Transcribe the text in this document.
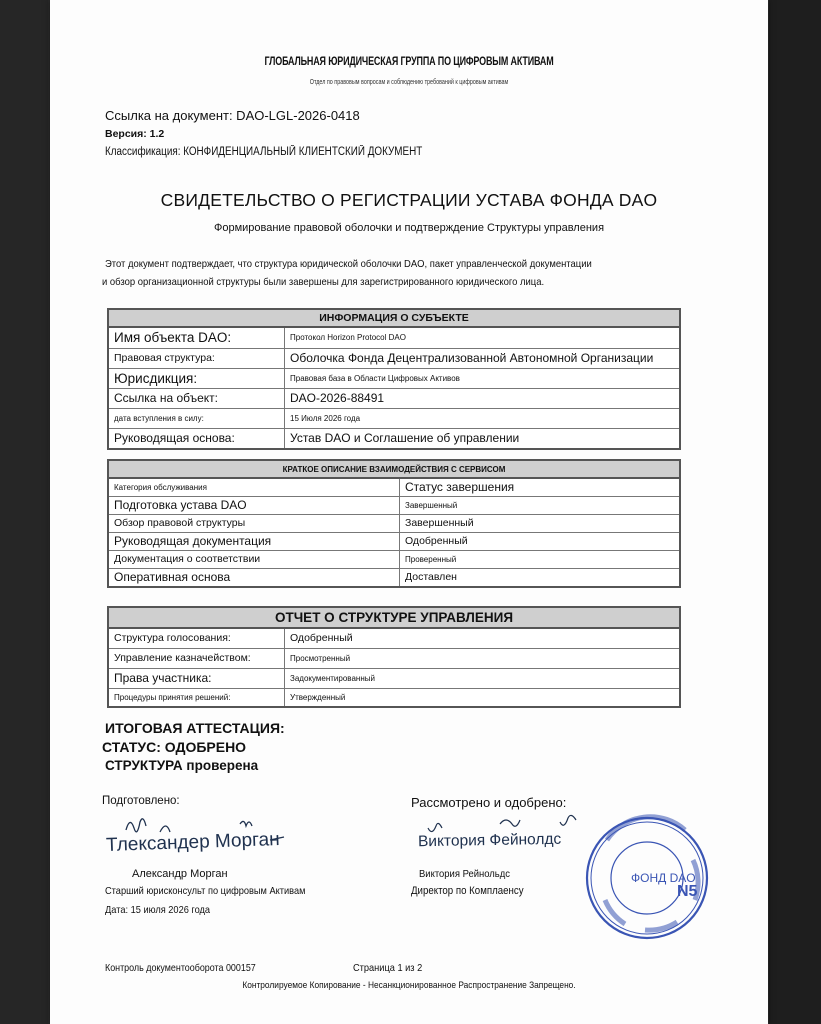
ГЛОБАЛЬНАЯ ЮРИДИЧЕСКАЯ ГРУППА ПО ЦИФРОВЫМ АКТИВАМ
Отдел по правовым вопросам и соблюдению требований к цифровым активам
Ссылка на документ: DAO-LGL-2026-0418
Версия: 1.2
Классификация: КОНФИДЕНЦИАЛЬНЫЙ КЛИЕНТСКИЙ ДОКУМЕНТ
СВИДЕТЕЛЬСТВО О РЕГИСТРАЦИИ УСТАВА ФОНДА DAO
Формирование правовой оболочки и подтверждение Структуры управления
Этот документ подтверждает, что структура юридической оболочки DAO, пакет управленческой документации
и обзор организационной структуры были завершены для зарегистрированного юридического лица.
ИНФОРМАЦИЯ О СУБЪЕКТЕ	
Имя объекта DAO:	Протокол Horizon Protocol DAO
Правовая структура:	Оболочка Фонда Децентрализованной Автономной Организации
Юрисдикция:	Правовая база в Области Цифровых Активов
Ссылка на объект:	DAO-2026-88491
дата вступления в силу:	15 Июля 2026 года
Руководящая основа:	Устав DAO и Соглашение об управлении
КРАТКОЕ ОПИСАНИЕ ВЗАИМОДЕЙСТВИЯ С СЕРВИСОМ	
Категория обслуживания	Статус завершения
Подготовка устава DAO	Завершенный
Обзор правовой структуры	Завершенный
Руководящая документация	Одобренный
Документация о соответствии	Проверенный
Оперативная основа	Доставлен
ОТЧЕТ О СТРУКТУРЕ УПРАВЛЕНИЯ	
Структура голосования:	Одобренный
Управление казначейством:	Просмотренный
Права участника:	Задокументированный
Процедуры принятия решений:	Утвержденный
ИТОГОВАЯ АТТЕСТАЦИЯ:
СТАТУС: ОДОБРЕНО
СТРУКТУРА проверена
Подготовлено:	Рассмотрено и одобрено:
Тлександер Морган	Виктория Фейнолдс
Александр Морган
Старший юрисконсульт по цифровым Активам
Дата: 15 июля 2026 года
Виктория Рейнольдс
Директор по Комплаенсу
ФОНД DAO
N5
Контроль документооборота 000157	Страница 1 из 2
Контролируемое Копирование - Несанкционированное Распространение Запрещено.
